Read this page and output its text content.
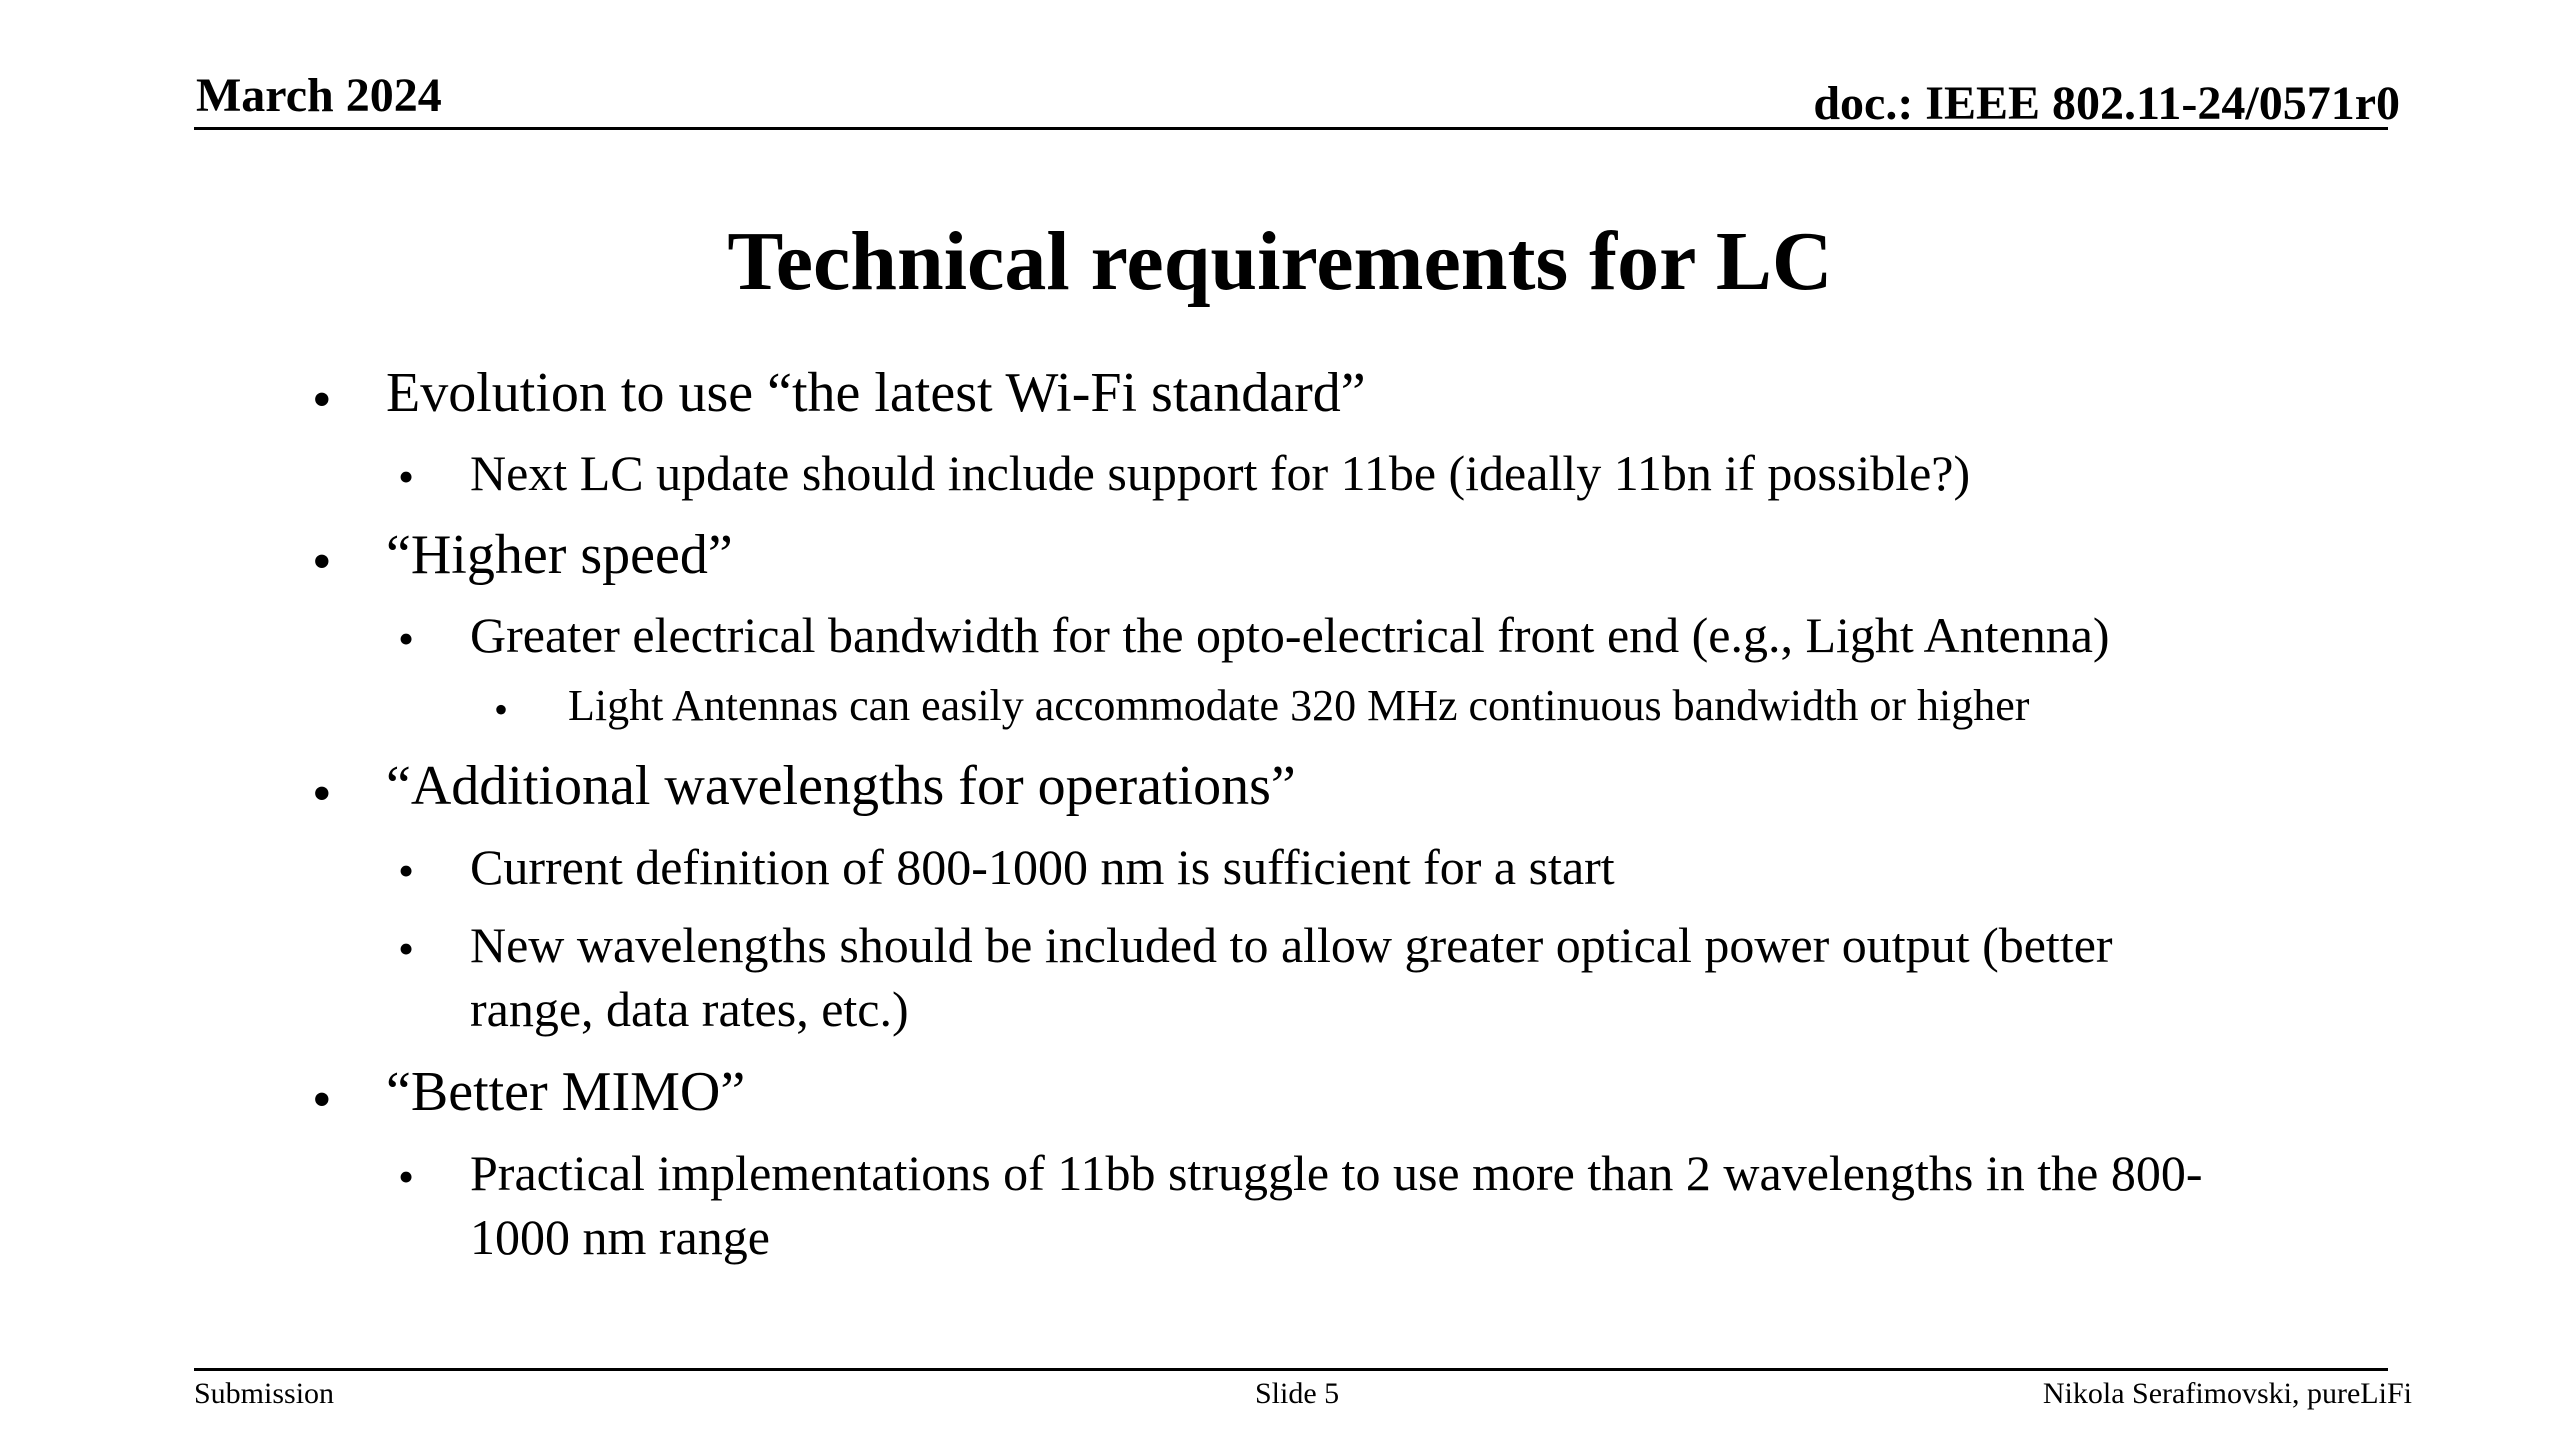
March 2024	doc.: IEEE 802.11-24/0571r0
Technical requirements for LC
• Evolution to use “the latest Wi-Fi standard”
• Next LC update should include support for 11be (ideally 11bn if possible?)
• “Higher speed”
• Greater electrical bandwidth for the opto-electrical front end (e.g., Light Antenna)
• Light Antennas can easily accommodate 320 MHz continuous bandwidth or higher
• “Additional wavelengths for operations”
• Current definition of 800-1000 nm is sufficient for a start
• New wavelengths should be included to allow greater optical power output (better
range, data rates, etc.)
• “Better MIMO”
• Practical implementations of 11bb struggle to use more than 2 wavelengths in the 800-
1000 nm range
Submission	Slide 5	Nikola Serafimovski, pureLiFi
